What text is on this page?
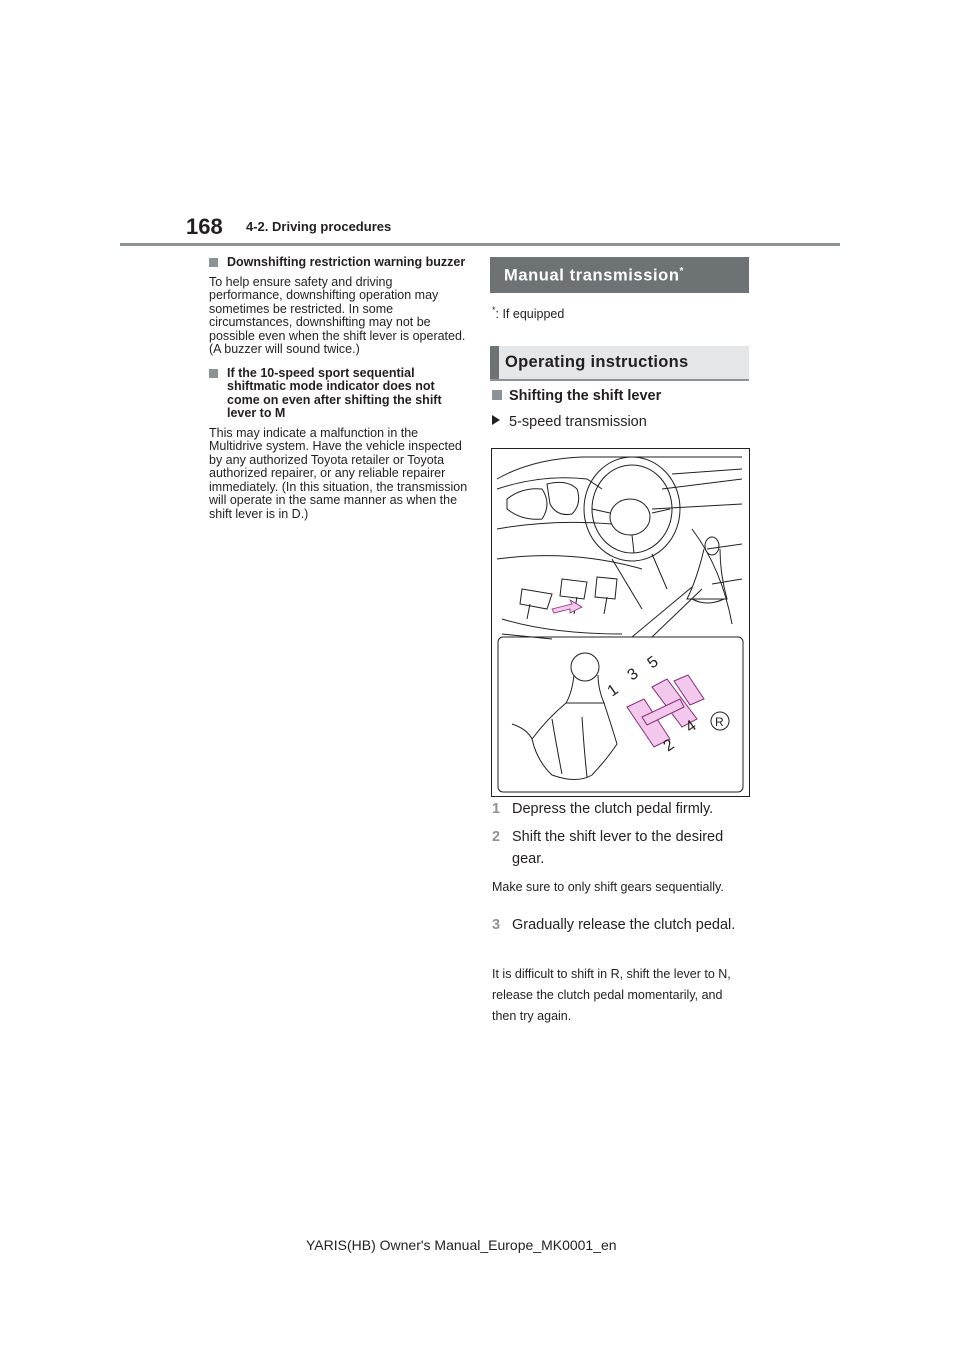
168 4-2. Driving procedures
Downshifting restriction warning buzzer
To help ensure safety and driving performance, downshifting operation may sometimes be restricted. In some circumstances, downshifting may not be possible even when the shift lever is operated. (A buzzer will sound twice.)
If the 10-speed sport sequential shiftmatic mode indicator does not come on even after shifting the shift lever to M
This may indicate a malfunction in the Multidrive system. Have the vehicle inspected by any authorized Toyota retailer or Toyota authorized repairer, or any reliable repairer immediately. (In this situation, the transmission will operate in the same manner as when the shift lever is in D.)
Manual transmission*
*: If equipped
Operating instructions
Shifting the shift lever
5-speed transmission
1
2
3
4
5
R
1 Depress the clutch pedal firmly.
2 Shift the shift lever to the desired gear.
Make sure to only shift gears sequentially.
3 Gradually release the clutch pedal.
It is difficult to shift in R, shift the lever to N, release the clutch pedal momentarily, and then try again.
YARIS(HB) Owner's Manual_Europe_MK0001_en
